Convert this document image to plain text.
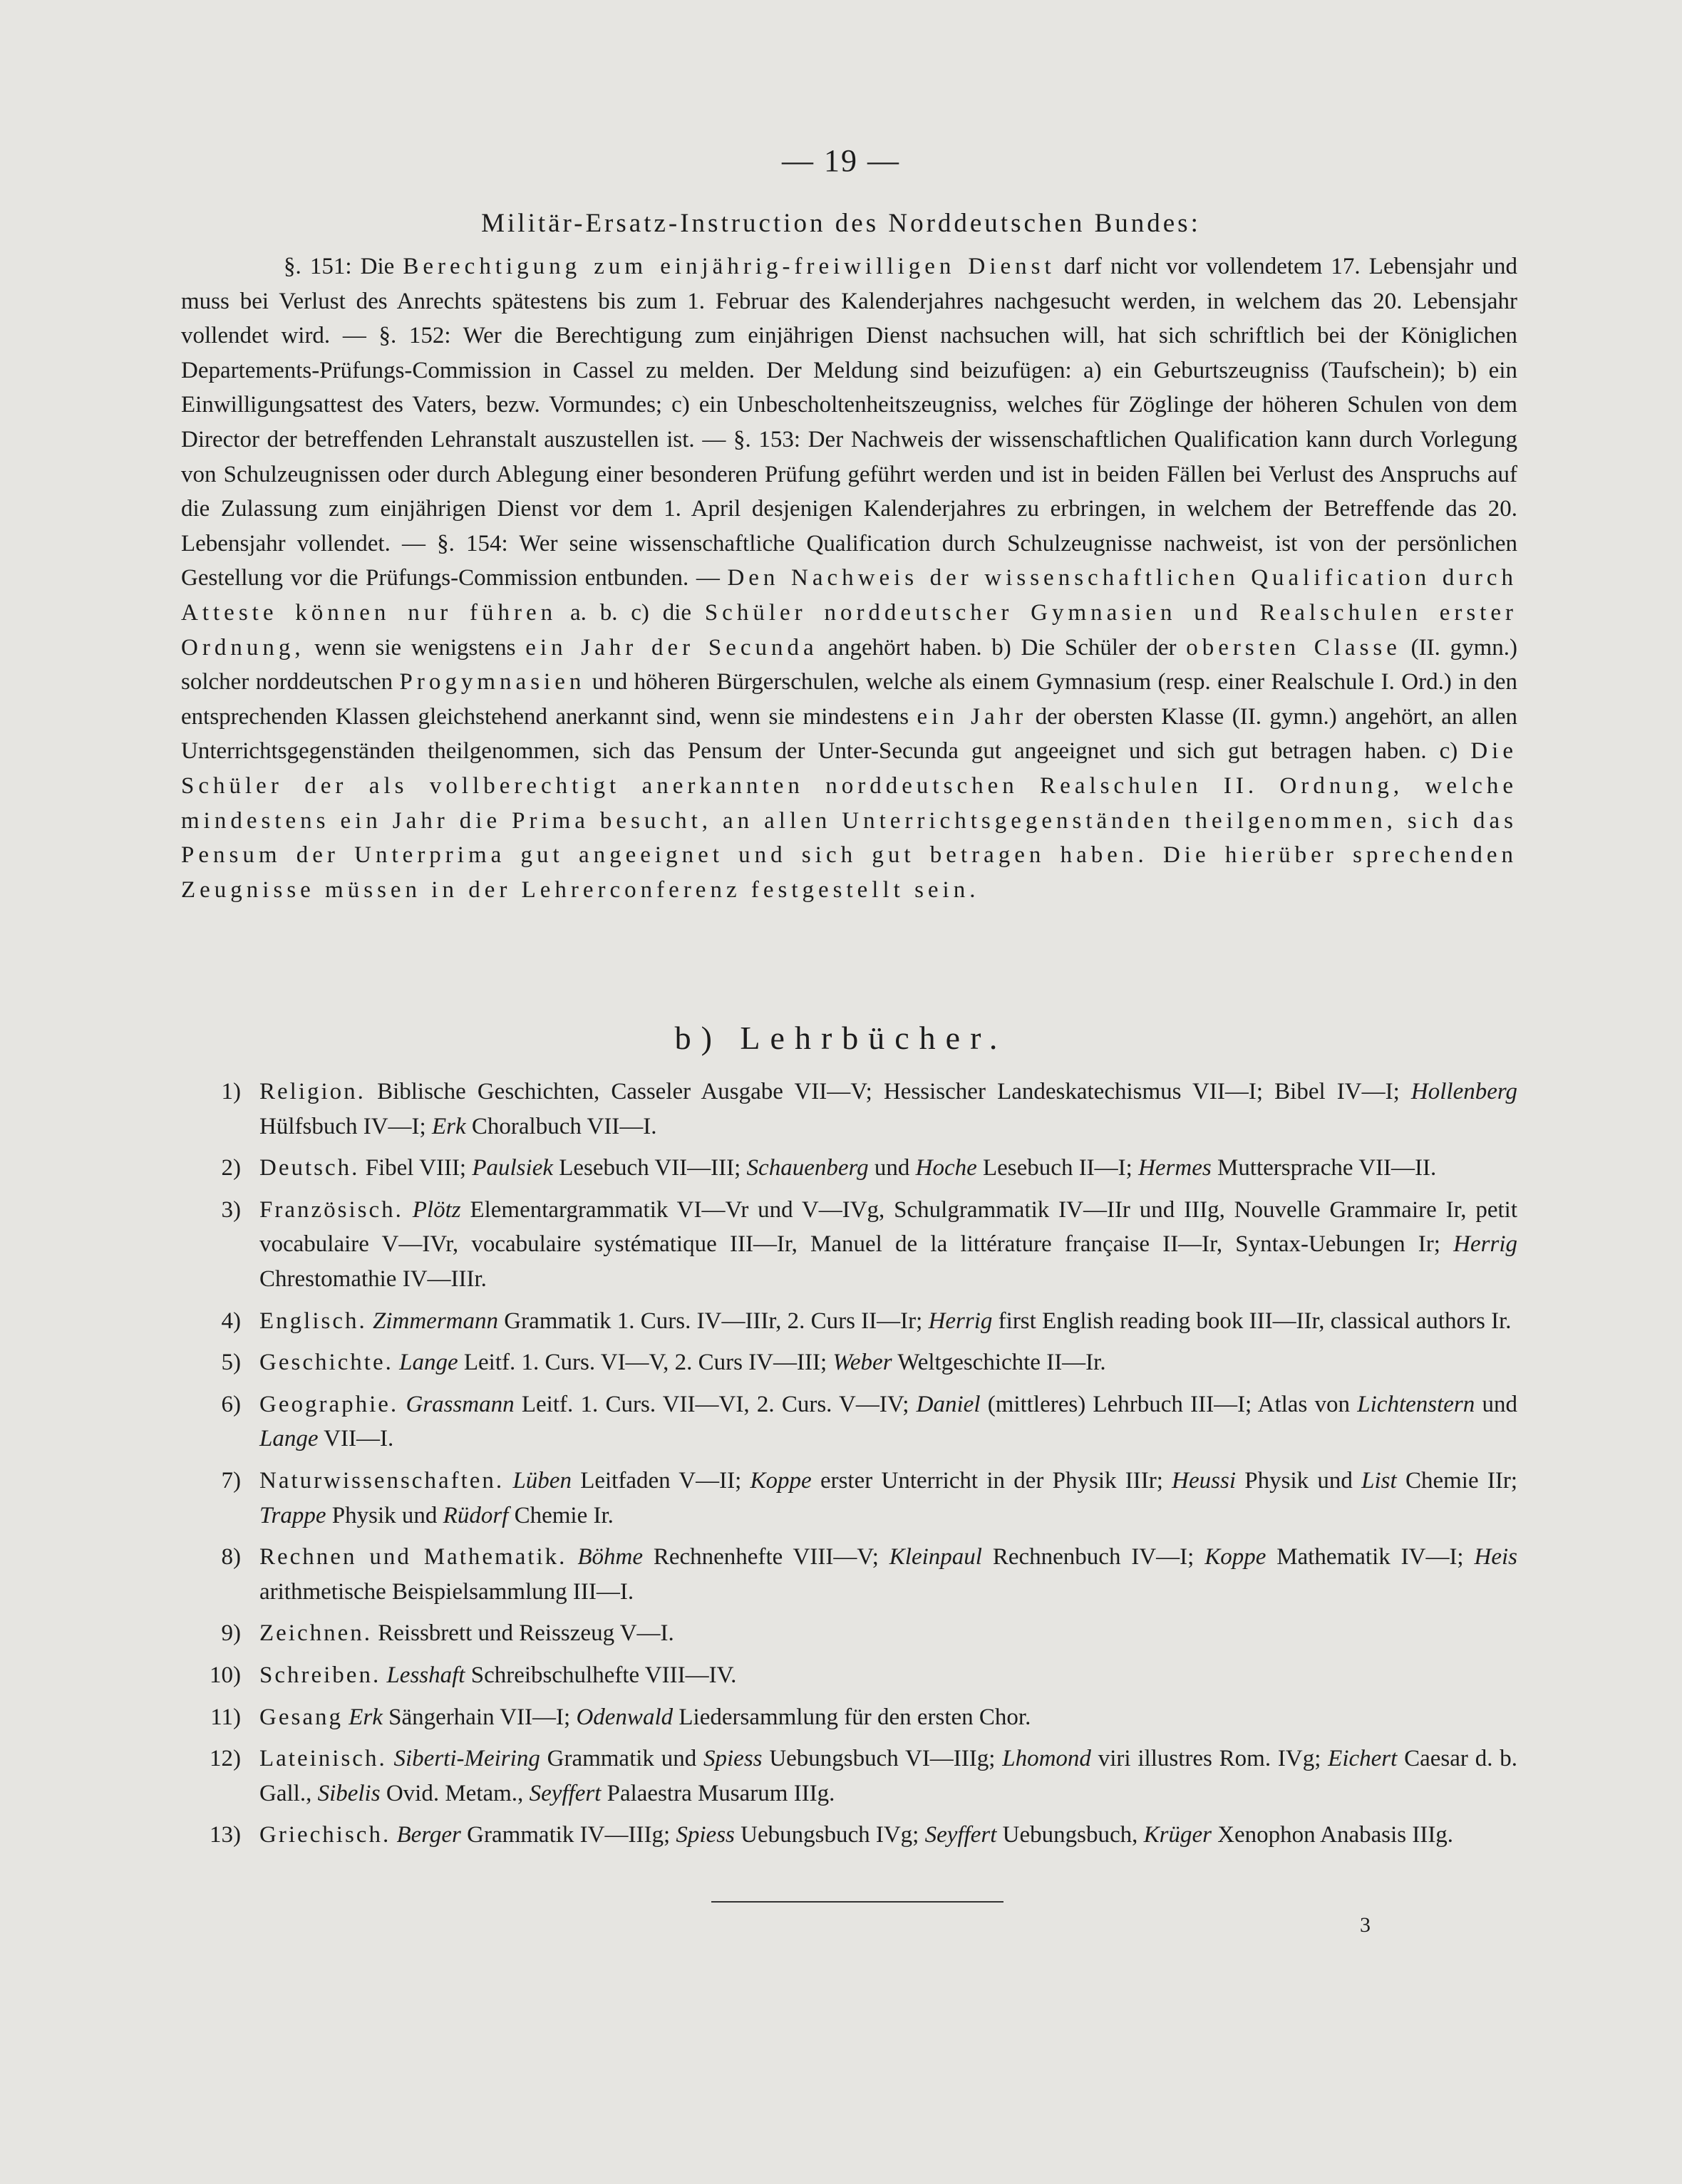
— 19 —
Militär-Ersatz-Instruction des Norddeutschen Bundes:
§. 151: Die Berechtigung zum einjährig-freiwilligen Dienst darf nicht vor vollendetem 17. Lebensjahr und muss bei Verlust des Anrechts spätestens bis zum 1. Februar des Kalenderjahres nachgesucht werden, in welchem das 20. Lebensjahr vollendet wird. — §. 152: Wer die Berechtigung zum einjährigen Dienst nachsuchen will, hat sich schriftlich bei der Königlichen Departements-Prüfungs-Commission in Cassel zu melden. Der Meldung sind beizufügen: a) ein Geburtszeugniss (Taufschein); b) ein Einwilligungsattest des Vaters, bezw. Vormundes; c) ein Unbescholtenheitszeugniss, welches für Zöglinge der höheren Schulen von dem Director der betreffenden Lehranstalt auszustellen ist. — §. 153: Der Nachweis der wissenschaftlichen Qualification kann durch Vorlegung von Schulzeugnissen oder durch Ablegung einer besonderen Prüfung geführt werden und ist in beiden Fällen bei Verlust des Anspruchs auf die Zulassung zum einjährigen Dienst vor dem 1. April desjenigen Kalenderjahres zu erbringen, in welchem der Betreffende das 20. Lebensjahr vollendet. — §. 154: Wer seine wissenschaftliche Qualification durch Schulzeugnisse nachweist, ist von der persönlichen Gestellung vor die Prüfungs-Commission entbunden. — Den Nachweis der wissenschaftlichen Qualification durch Atteste können nur führen a. b. c) die Schüler norddeutscher Gymnasien und Realschulen erster Ordnung, wenn sie wenigstens ein Jahr der Secunda angehört haben. b) Die Schüler der obersten Classe (II. gymn.) solcher norddeutschen Progymnasien und höheren Bürgerschulen, welche als einem Gymnasium (resp. einer Realschule I. Ord.) in den entsprechenden Klassen gleichstehend anerkannt sind, wenn sie mindestens ein Jahr der obersten Klasse (II. gymn.) angehört, an allen Unterrichtsgegenständen theilgenommen, sich das Pensum der Unter-Secunda gut angeeignet und sich gut betragen haben. c) Die Schüler der als vollberechtigt anerkannten norddeutschen Realschulen II. Ordnung, welche mindestens ein Jahr die Prima besucht, an allen Unterrichtsgegenständen theilgenommen, sich das Pensum der Unterprima gut angeeignet und sich gut betragen haben. Die hierüber sprechenden Zeugnisse müssen in der Lehrerconferenz festgestellt sein.
b) Lehrbücher.
1) Religion. Biblische Geschichten, Casseler Ausgabe VII—V; Hessischer Landeskatechismus VII—I; Bibel IV—I; Hollenberg Hülfsbuch IV—I; Erk Choralbuch VII—I.
2) Deutsch. Fibel VIII; Paulsiek Lesebuch VII—III; Schauenberg und Hoche Lesebuch II—I; Hermes Muttersprache VII—II.
3) Französisch. Plötz Elementargrammatik VI—Vr und V—IVg, Schulgrammatik IV—IIr und IIIg, Nouvelle Grammaire Ir, petit vocabulaire V—IVr, vocabulaire systématique III—Ir, Manuel de la littérature française II—Ir, Syntax-Uebungen Ir; Herrig Chrestomathie IV—IIIr.
4) Englisch. Zimmermann Grammatik 1. Curs. IV—IIIr, 2. Curs II—Ir; Herrig first English reading book III—IIr, classical authors Ir.
5) Geschichte. Lange Leitf. 1. Curs. VI—V, 2. Curs IV—III; Weber Weltgeschichte II—Ir.
6) Geographie. Grassmann Leitf. 1. Curs. VII—VI, 2. Curs. V—IV; Daniel (mittleres) Lehrbuch III—I; Atlas von Lichtenstern und Lange VII—I.
7) Naturwissenschaften. Lüben Leitfaden V—II; Koppe erster Unterricht in der Physik IIIr; Heussi Physik und List Chemie IIr; Trappe Physik und Rüdorf Chemie Ir.
8) Rechnen und Mathematik. Böhme Rechnenhefte VIII—V; Kleinpaul Rechnenbuch IV—I; Koppe Mathematik IV—I; Heis arithmetische Beispielsammlung III—I.
9) Zeichnen. Reissbrett und Reisszeug V—I.
10) Schreiben. Lesshaft Schreibschulhefte VIII—IV.
11) Gesang Erk Sängerhain VII—I; Odenwald Liedersammlung für den ersten Chor.
12) Lateinisch. Siberti-Meiring Grammatik und Spiess Uebungsbuch VI—IIIg; Lhomond viri illustres Rom. IVg; Eichert Caesar d. b. Gall., Sibelis Ovid. Metam., Seyffert Palaestra Musarum IIIg.
13) Griechisch. Berger Grammatik IV—IIIg; Spiess Uebungsbuch IVg; Seyffert Uebungsbuch, Krüger Xenophon Anabasis IIIg.
3
